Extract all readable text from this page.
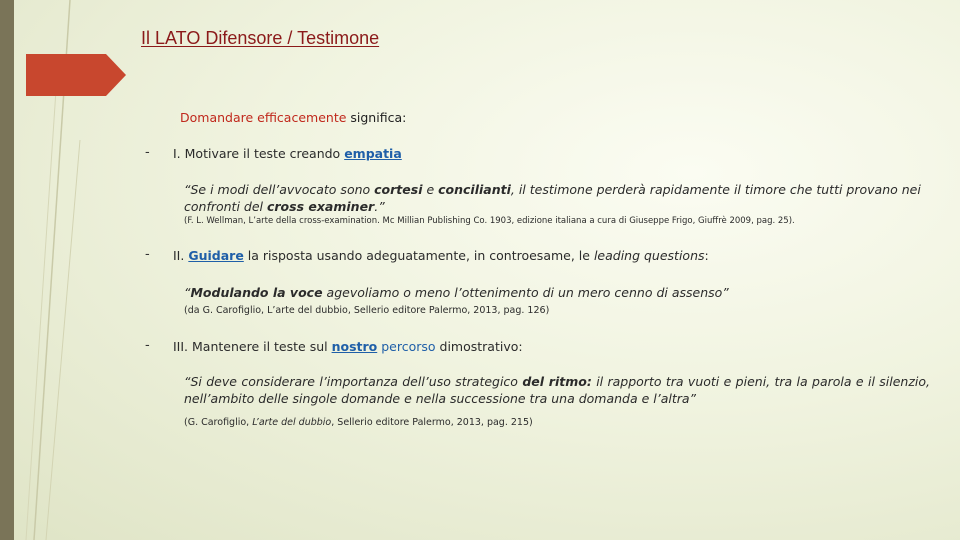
Il LATO Difensore / Testimone
Domandare efficacemente significa:
- I. Motivare il teste creando empatia
“Se i modi dell’avvocato sono cortesi e concilianti, il testimone perderà rapidamente il timore che tutti provano nei confronti del cross examiner.”
(F. L. Wellman, L’arte della cross-examination. Mc Millian Publishing Co. 1903, edizione italiana a cura di Giuseppe Frigo, Giuffrè 2009, pag. 25).
- II. Guidare la risposta usando adeguatamente, in controesame, le leading questions:
“Modulando la voce agevoliamo o meno l’ottenimento di un mero cenno di assenso”
(da G. Carofiglio, L’arte del dubbio, Sellerio editore Palermo, 2013, pag. 126)
- III. Mantenere il teste sul nostro percorso dimostrativo:
“Si deve considerare l’importanza dell’uso strategico del ritmo: il rapporto tra vuoti e pieni, tra la parola e il silenzio, nell’ambito delle singole domande e nella successione tra una domanda e l’altra”
(G. Carofiglio, L’arte del dubbio, Sellerio editore Palermo, 2013, pag. 215)
